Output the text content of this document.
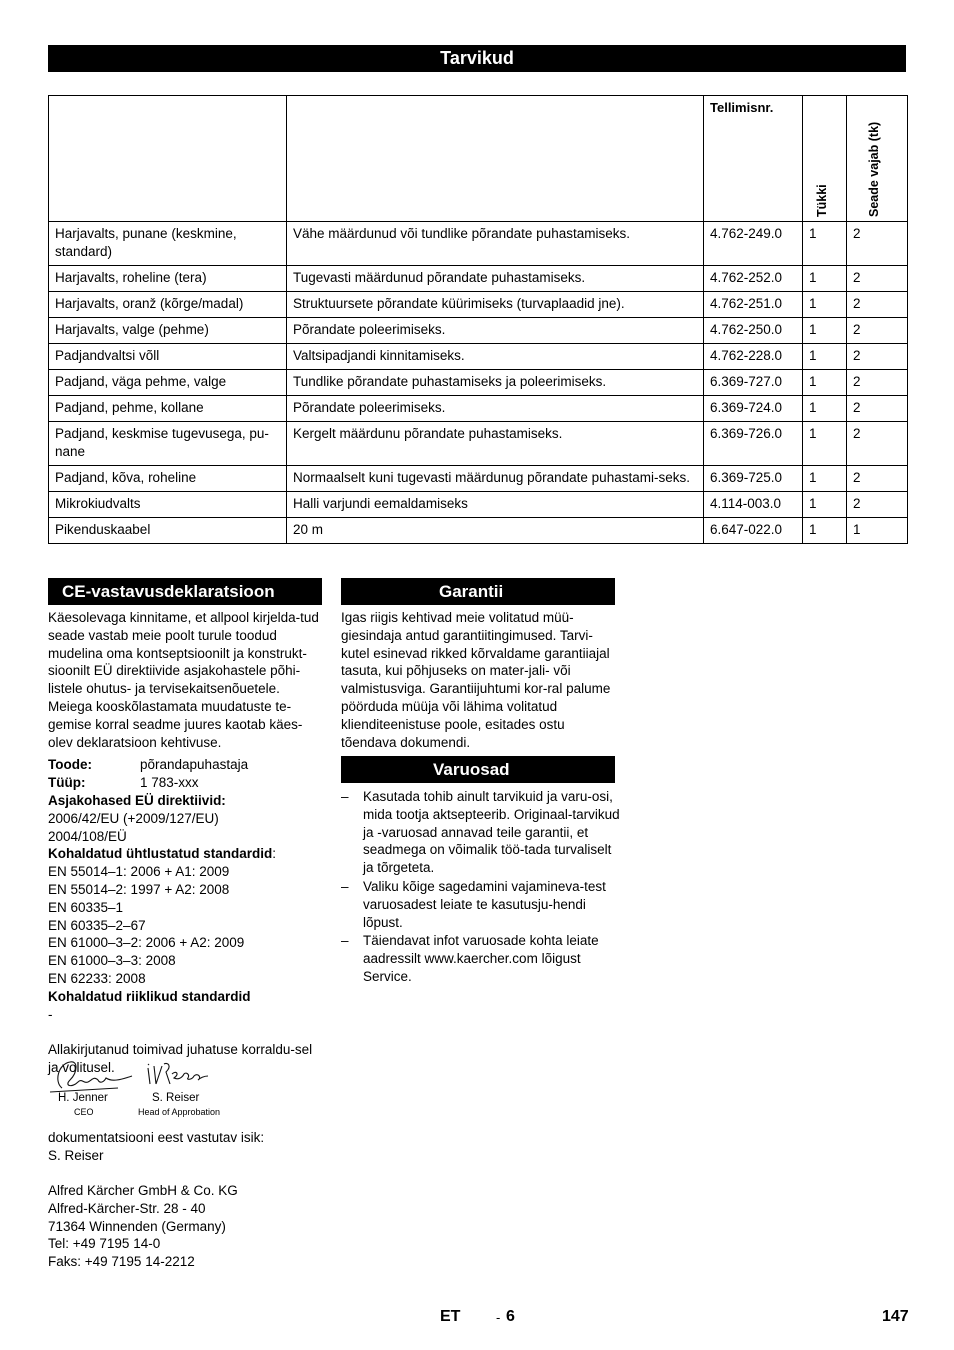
Tarvikud
		Tellimisnr.	Tükki	Seade vajab (tk)

Harjavalts, punane (keskmine, standard)	Vähe määrdunud või tundlike põrandate puhastamiseks.	4.762-249.0	1	2
Harjavalts, roheline (tera)	Tugevasti määrdunud põrandate puhastamiseks.	4.762-252.0	1	2
Harjavalts, oranž (kõrge/madal)	Struktuursete põrandate küürimiseks (turvaplaadid jne).	4.762-251.0	1	2
Harjavalts, valge (pehme)	Põrandate poleerimiseks.	4.762-250.0	1	2
Padjandvaltsi võll	Valtsipadjandi kinnitamiseks.	4.762-228.0	1	2
Padjand, väga pehme, valge	Tundlike põrandate puhastamiseks ja poleerimiseks.	6.369-727.0	1	2
Padjand, pehme, kollane	Põrandate poleerimiseks.	6.369-724.0	1	2
Padjand, keskmise tugevusega, pu-nane	Kergelt määrdunu põrandate puhastamiseks.	6.369-726.0	1	2
Padjand, kõva, roheline	Normaalselt kuni tugevasti määrdunug põrandate puhastami-seks.	6.369-725.0	1	2
Mikrokiudvalts	Halli varjundi eemaldamiseks	4.114-003.0	1	2
Pikenduskaabel	20 m	6.647-022.0	1	1
CE-vastavusdeklaratsioon	Garantii
Varuosad

Käesolevaga kinnitame, et allpool kirjelda-tud seade vastab meie poolt turule toodud mudelina oma kontseptsioonilt ja konstrukt-sioonilt EÜ direktiivide asjakohastele põhi-listele ohutus- ja tervisekaitsenõuetele. Meiega kooskõlastamata muudatuste te-gemise korral seadme juures kaotab käes-olev deklaratsioon kehtivuse.

Toode:	põrandapuhastaja
Tüüp:	1 783-xxx
Asjakohased EÜ direktiivid:
2006/42/EU (+2009/127/EU)
2004/108/EÜ
Kohaldatud ühtlustatud standardid:
EN 55014–1: 2006 + A1: 2009
EN 55014–2: 1997 + A2: 2008
EN 60335–1
EN 60335–2–67
EN 61000–3–2: 2006 + A2: 2009
EN 61000–3–3: 2008
EN 62233: 2008
Kohaldatud riiklikud standardid
-

Allakirjutanud toimivad juhatuse korraldu-sel ja volitusel.

H. Jenner
CEO
S. Reiser
Head of Approbation
dokumentatsiooni eest vastutav isik:
S. Reiser
Alfred Kärcher GmbH & Co. KG
Alfred-Kärcher-Str. 28 - 40
71364 Winnenden (Germany)
Tel: +49 7195 14-0
Faks: +49 7195 14-2212

Igas riigis kehtivad meie volitatud müü-giesindaja antud garantiitingimused. Tarvi-kutel esinevad rikked kõrvaldame garantiiajal tasuta, kui põhjuseks on mater-jali- või valmistusviga. Garantiijuhtumi kor-ral palume pöörduda müüja või lähima volitatud klienditeenistuse poole, esitades ostu tõendava dokumendi.

– Kasutada tohib ainult tarvikuid ja varu-osi, mida tootja aktsepteerib. Originaal-tarvikud ja -varuosad annavad teile garantii, et seadmega on võimalik töö-tada turvaliselt ja tõrgeteta.
– Valiku kõige sagedamini vajamineva-test varuosadest leiate te kasutusju-hendi lõpust.
– Täiendavat infot varuosade kohta leiate aadressilt www.kaercher.com lõigust Service.
ET	- 6	147
